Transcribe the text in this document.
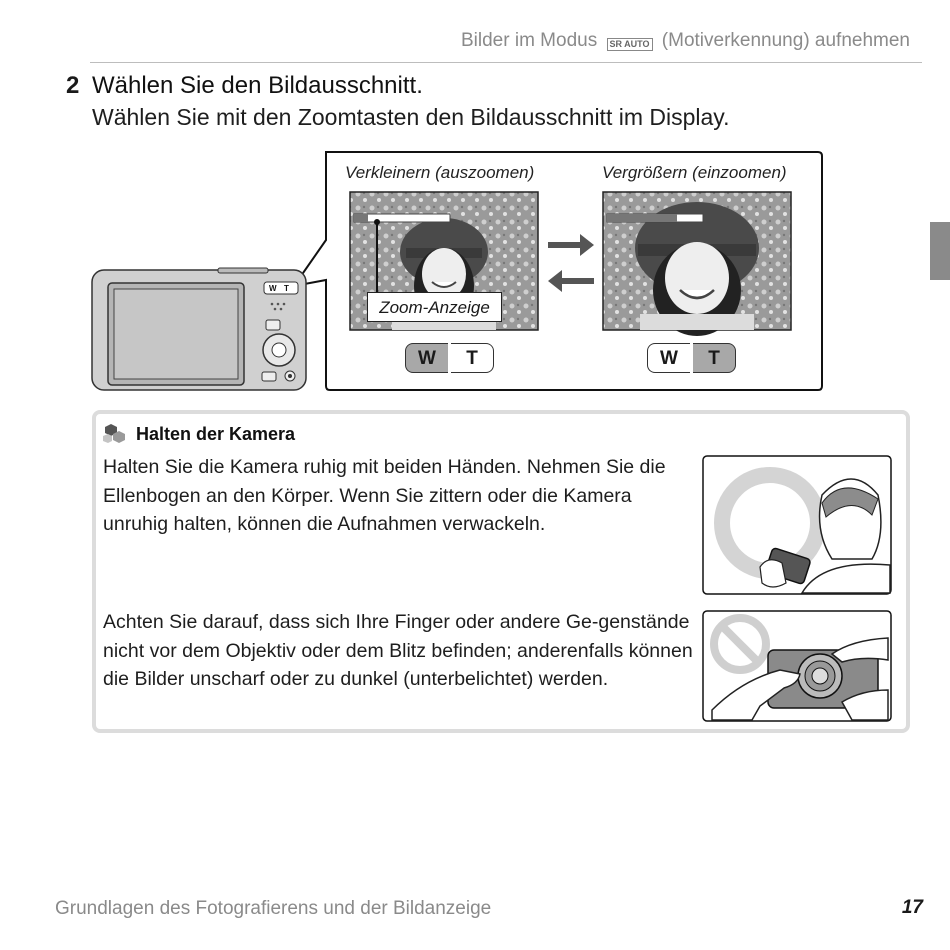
Bilder im Modus SR AUTO (Motiverkennung) aufnehmen
2 Wählen Sie den Bildausschnitt.
Wählen Sie mit den Zoomtasten den Bildausschnitt im Display.
W T
Verkleinern (auszoomen)	Vergrößern (einzoomen)
Zoom-Anzeige
W	T	W	T
Halten der Kamera
Halten Sie die Kamera ruhig mit beiden Händen. Nehmen Sie die Ellenbogen an den Körper. Wenn Sie zittern oder die Kamera unruhig halten, können die Aufnahmen verwackeln.
Achten Sie darauf, dass sich Ihre Finger oder andere Ge-genstände nicht vor dem Objektiv oder dem Blitz befinden; anderenfalls können die Bilder unscharf oder zu dunkel (unterbelichtet) werden.
Grundlagen des Fotografierens und der Bildanzeige	17
